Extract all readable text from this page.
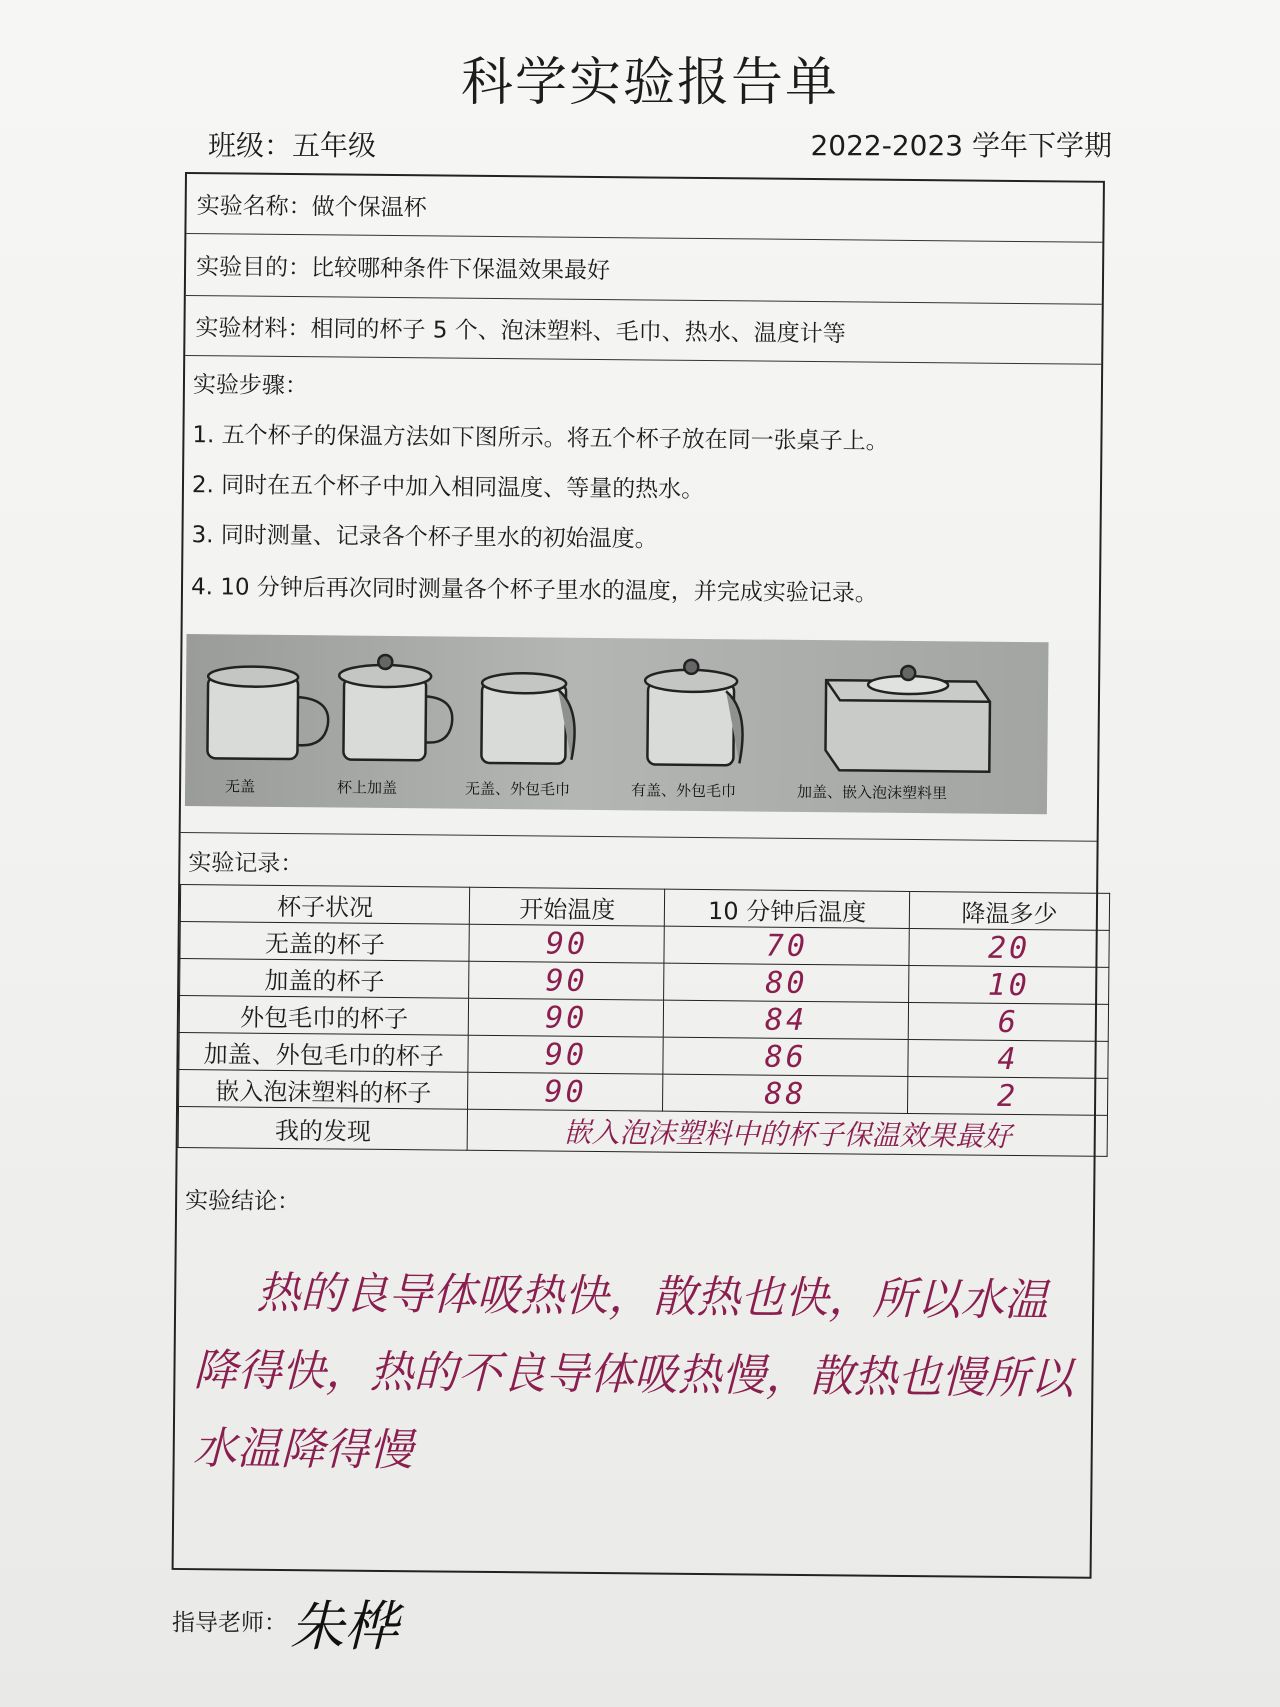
科学实验报告单
班级：五年级	2022-2023 学年下学期
实验名称：做个保温杯
实验目的：比较哪种条件下保温效果最好
实验材料：相同的杯子 5 个、泡沫塑料、毛巾、热水、温度计等
实验步骤：
1. 五个杯子的保温方法如下图所示。将五个杯子放在同一张桌子上。
2. 同时在五个杯子中加入相同温度、等量的热水。
3. 同时测量、记录各个杯子里水的初始温度。
4. 10 分钟后再次同时测量各个杯子里水的温度，并完成实验记录。
无盖	杯上加盖	无盖、外包毛巾	有盖、外包毛巾	加盖、嵌入泡沫塑料里
实验记录：
杯子状况	开始温度	10 分钟后温度	降温多少
无盖的杯子	90	70	20
加盖的杯子	90	80	10
外包毛巾的杯子	90	84	6
加盖、外包毛巾的杯子	90	86	4
嵌入泡沫塑料的杯子	90	88	2
我的发现	嵌入泡沫塑料中的杯子保温效果最好		
实验结论：
热的良导体吸热快，散热也快，所以水温降得快，热的不良导体吸热慢，散热也慢所以水温降得慢
指导老师： 朱桦
